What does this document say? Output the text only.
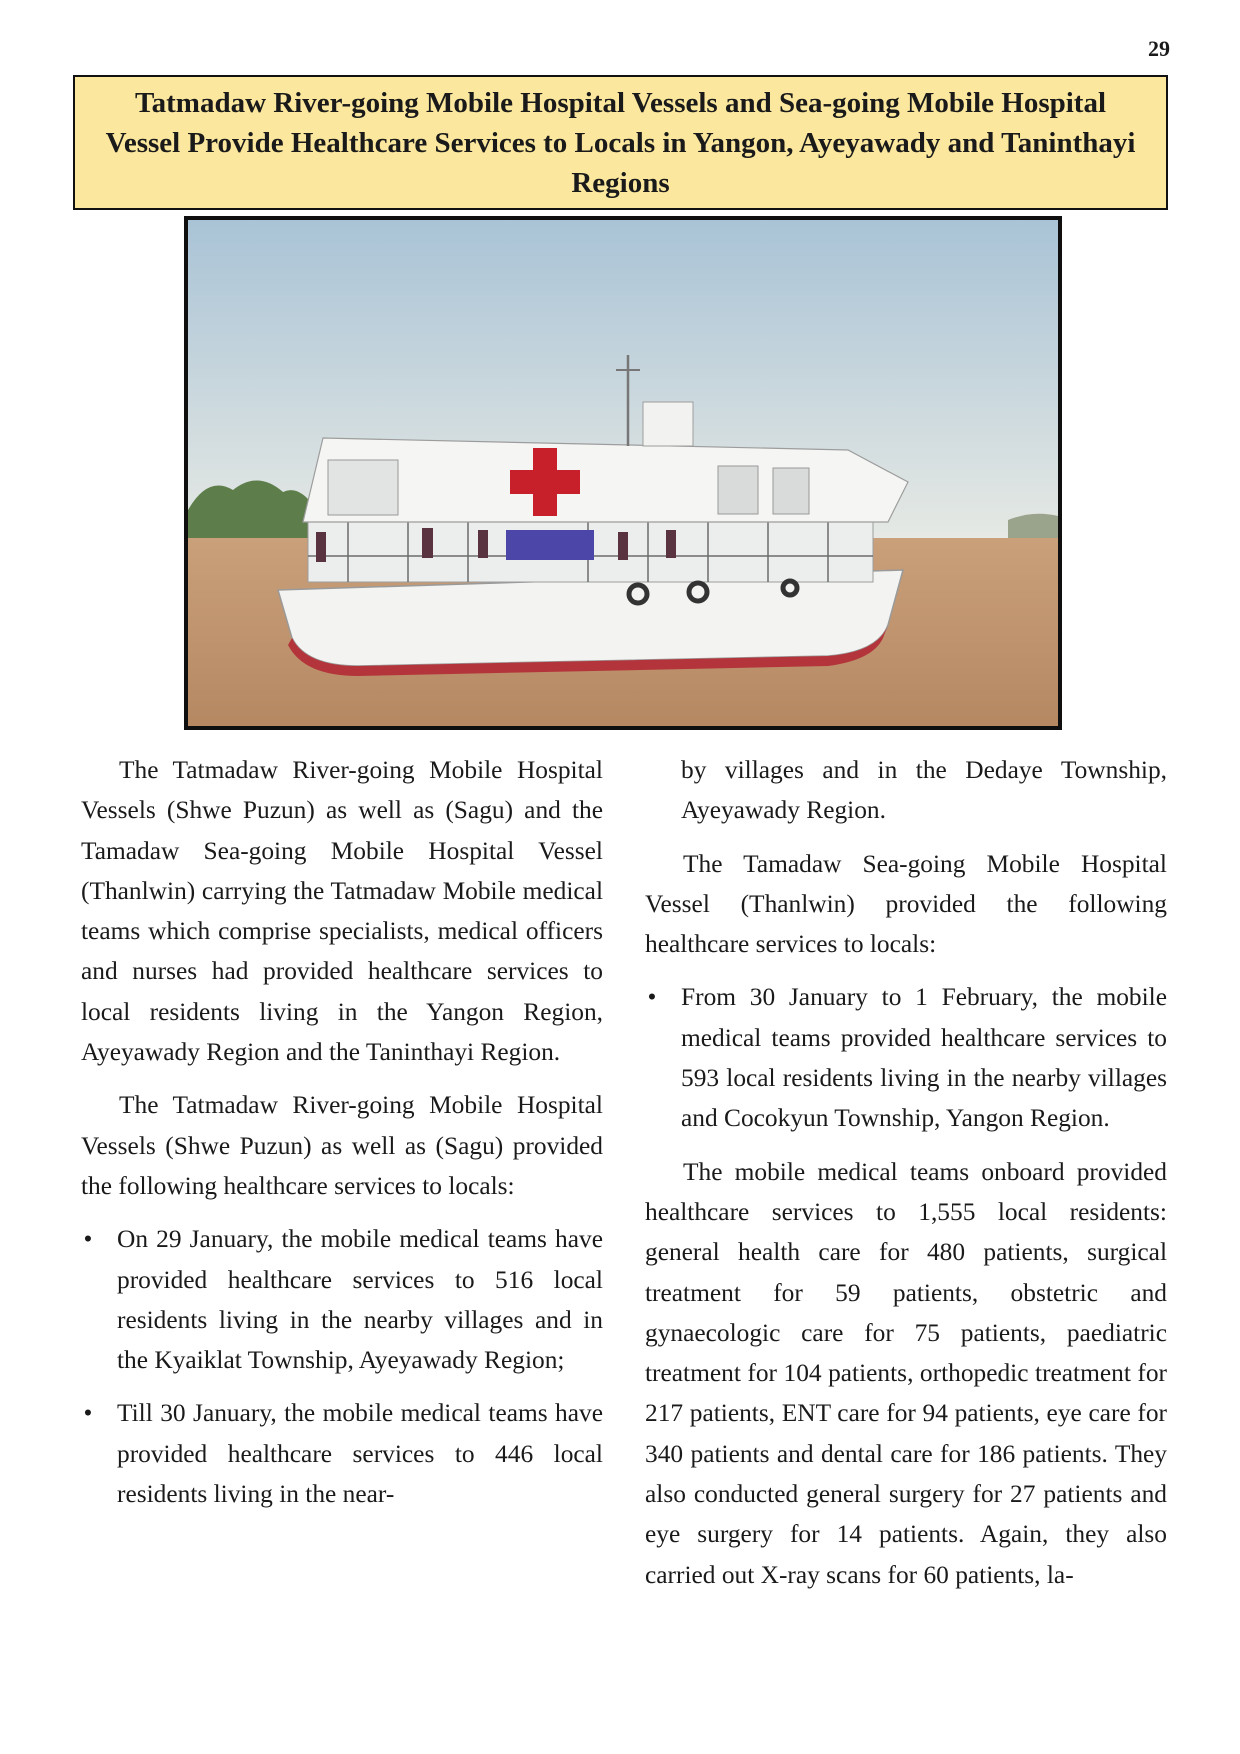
29
Tatmadaw River-going Mobile Hospital Vessels and Sea-going Mobile Hospital Vessel Provide Healthcare Services to Locals in Yangon, Ayeyawady and Taninthayi Regions

The Tatmadaw River-going Mobile Hospital Vessels (Shwe Puzun) as well as (Sagu) and the Tamadaw Sea-going Mobile Hospital Vessel (Thanlwin) carrying the Tatmadaw Mobile medical teams which comprise specialists, medical officers and nurses had provided healthcare services to local residents living in the Yangon Region, Ayeyawady Region and the Taninthayi Region.

The Tatmadaw River-going Mobile Hospital Vessels (Shwe Puzun) as well as (Sagu) provided the following healthcare services to locals:

• On 29 January, the mobile medical teams have provided healthcare services to 516 local residents living in the nearby villages and in the Kyaiklat Township, Ayeyawady Region;
• Till 30 January, the mobile medical teams have provided healthcare services to 446 local residents living in the near-

by villages and in the Dedaye Township, Ayeyawady Region.

The Tamadaw Sea-going Mobile Hospital Vessel (Thanlwin) provided the following healthcare services to locals:

• From 30 January to 1 February, the mobile medical teams provided healthcare services to 593 local residents living in the nearby villages and Cocokyun Township, Yangon Region.

The mobile medical teams onboard provided healthcare services to 1,555 local residents: general health care for 480 patients, surgical treatment for 59 patients, obstetric and gynaecologic care for 75 patients, paediatric treatment for 104 patients, orthopedic treatment for 217 patients, ENT care for 94 patients, eye care for 340 patients and dental care for 186 patients. They also conducted general surgery for 27 patients and eye surgery for 14 patients. Again, they also carried out X-ray scans for 60 patients, la-
